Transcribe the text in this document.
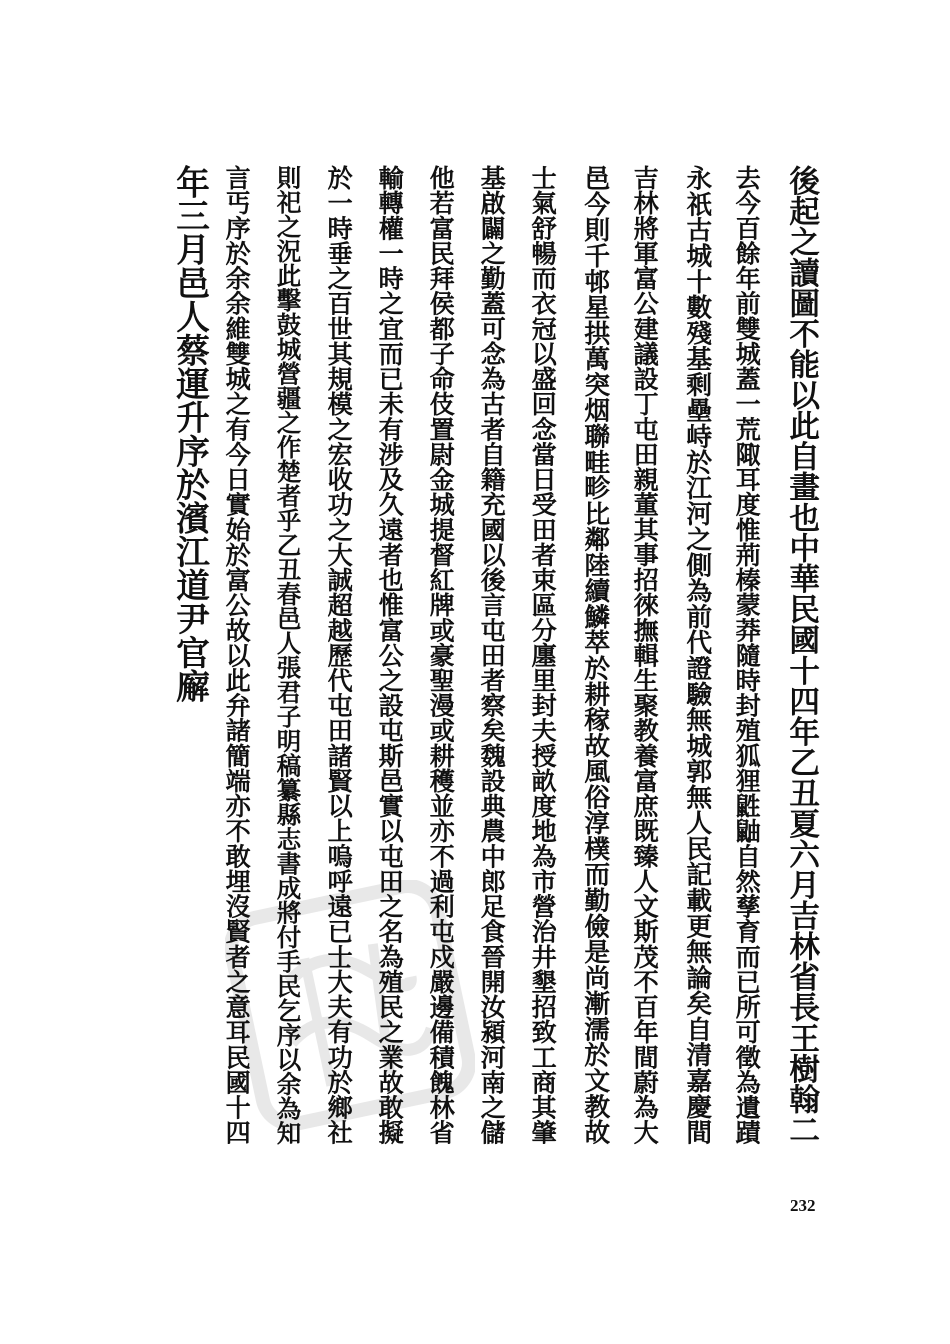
後起之讀圖不能以此自畫也中華民國十四年乙丑夏六月吉林省長王樹翰二
去今百餘年前雙城蓋一荒陬耳度惟荊榛蒙莽隨時封殖狐狸鼪鼬自然孳育而已所可徵為遺蹟
永祇古城十數殘基剩壘峙於江河之側為前代證驗無城郭無人民記載更無論矣自清嘉慶間
吉林將軍富公建議設丁屯田親董其事招徠撫輯生聚教養富庶既臻人文斯茂不百年間蔚為大
邑今則千邨星拱萬突烟聯畦畛比鄰陸續鱗萃於耕稼故風俗淳樸而勤儉是尚漸濡於文教故
士氣舒暢而衣冠以盛回念當日受田者束區分廛里封夫授畝度地為市營治井墾招致工商其肇
基啟闢之勤蓋可念為古者自籍充國以後言屯田者察矣魏設典農中郎足食晉開汝潁河南之儲
他若富民拜侯都子命伎置尉金城提督紅牌或豪聖漫或耕穫並亦不過利屯戍嚴邊備積餽林省
輸轉權一時之宜而已未有涉及久遠者也惟富公之設屯斯邑實以屯田之名為殖民之業故敢擬
於一時垂之百世其規模之宏收功之大誠超越歷代屯田諸賢以上嗚呼遠已士大夫有功於鄉社
則祀之況此擊鼓城營疆之作楚者乎乙丑春邑人張君子明稿纂縣志書成將付手民乞序以余為知
言丐序於余余維雙城之有今日實始於富公故以此弁諸簡端亦不敢埋沒賢者之意耳民國十四
年三月邑人蔡運升序於濱江道尹官廨
232
